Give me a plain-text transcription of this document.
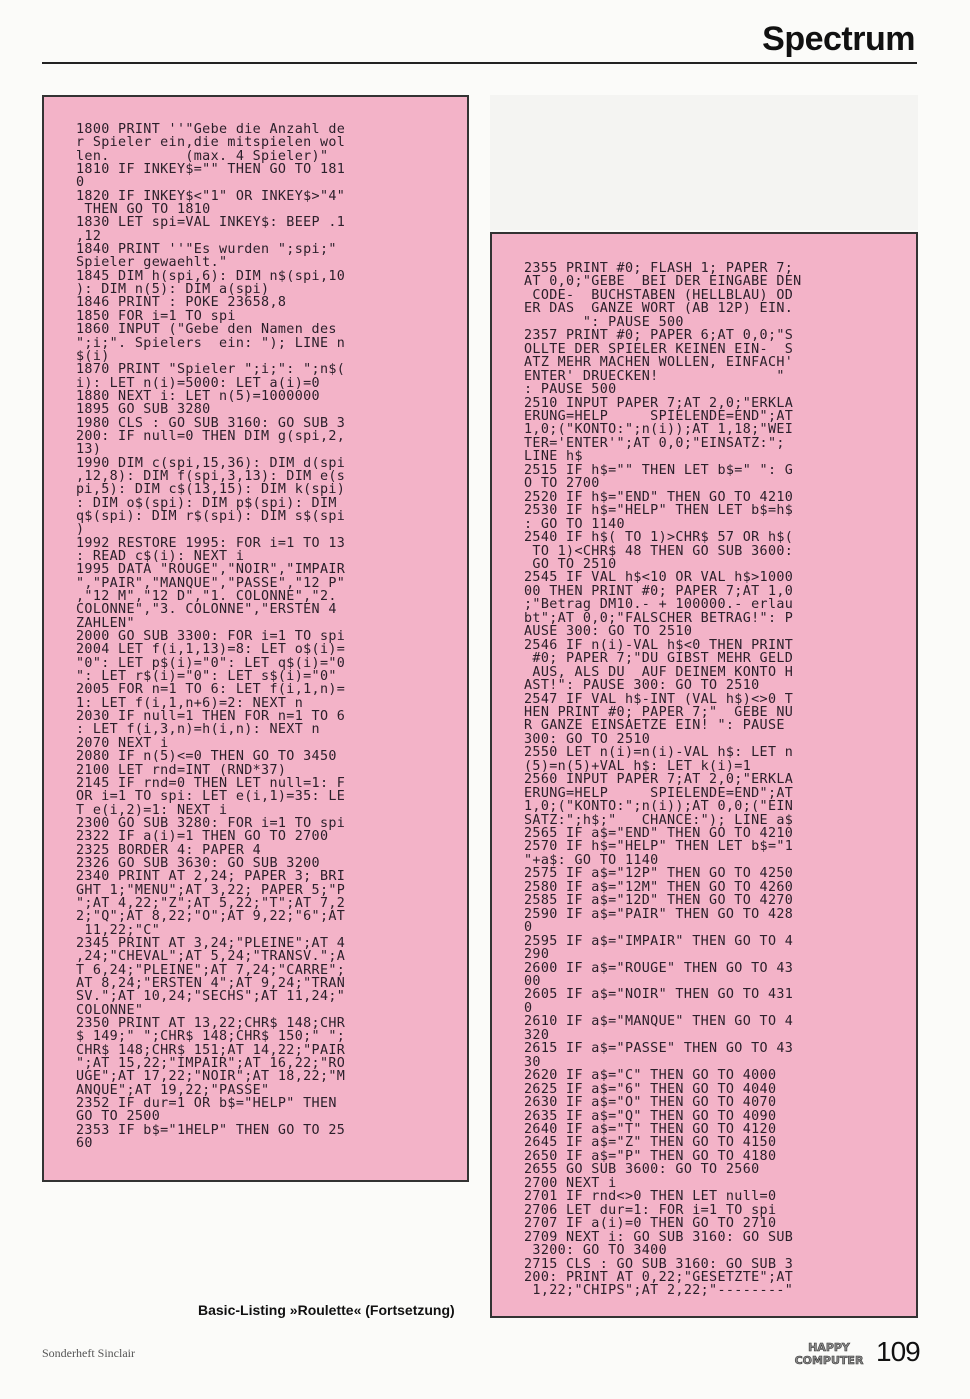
Spectrum
1800 PRINT ''"Gebe die Anzahl de
r Spieler ein,die mitspielen wol
len.         (max. 4 Spieler)"
1810 IF INKEY$="" THEN GO TO 181
0
1820 IF INKEY$<"1" OR INKEY$>"4"
THEN GO TO 1810
1830 LET spi=VAL INKEY$: BEEP .1
,12
1840 PRINT ''"Es wurden ";spi;"
Spieler gewaehlt."
1845 DIM h(spi,6): DIM n$(spi,10
): DIM n(5): DIM a(spi)
1846 PRINT : POKE 23658,8
1850 FOR i=1 TO spi
1860 INPUT ("Gebe den Namen des
";i;". Spielers  ein: "); LINE n
$(i)
1870 PRINT "Spieler ";i;": ";n$(
i): LET n(i)=5000: LET a(i)=0
1880 NEXT i: LET n(5)=1000000
1895 GO SUB 3280
1980 CLS : GO SUB 3160: GO SUB 3
200: IF null=0 THEN DIM g(spi,2,
13)
1990 DIM c(spi,15,36): DIM d(spi
,12,8): DIM f(spi,3,13): DIM e(s
pi,5): DIM c$(13,15): DIM k(spi)
: DIM o$(spi): DIM p$(spi): DIM
q$(spi): DIM r$(spi): DIM s$(spi
)
1992 RESTORE 1995: FOR i=1 TO 13
: READ c$(i): NEXT i
1995 DATA "ROUGE","NOIR","IMPAIR
","PAIR","MANQUE","PASSE","12 P"
,"12 M","12 D","1. COLONNE","2.
COLONNE","3. COLONNE","ERSTEN 4
ZAHLEN"
2000 GO SUB 3300: FOR i=1 TO spi
2004 LET f(i,1,13)=8: LET o$(i)=
"0": LET p$(i)="0": LET q$(i)="0
": LET r$(i)="0": LET s$(i)="0"
2005 FOR n=1 TO 6: LET f(i,1,n)=
1: LET f(i,1,n+6)=2: NEXT n
2030 IF null=1 THEN FOR n=1 TO 6
: LET f(i,3,n)=h(i,n): NEXT n
2070 NEXT i
2080 IF n(5)<=0 THEN GO TO 3450
2100 LET rnd=INT (RND*37)
2145 IF rnd=0 THEN LET null=1: F
OR i=1 TO spi: LET e(i,1)=35: LE
T e(i,2)=1: NEXT i
2300 GO SUB 3280: FOR i=1 TO spi
2322 IF a(i)=1 THEN GO TO 2700
2325 BORDER 4: PAPER 4
2326 GO SUB 3630: GO SUB 3200
2340 PRINT AT 2,24; PAPER 3; BRI
GHT 1;"MENU";AT 3,22; PAPER 5;"P
";AT 4,22;"Z";AT 5,22;"T";AT 7,2
2;"Q";AT 8,22;"O";AT 9,22;"6";AT
11,22;"C"
2345 PRINT AT 3,24;"PLEINE";AT 4
,24;"CHEVAL";AT 5,24;"TRANSV.";A
T 6,24;"PLEINE";AT 7,24;"CARRE";
AT 8,24;"ERSTEN 4";AT 9,24;"TRAN
SV.";AT 10,24;"SECHS";AT 11,24;"
COLONNE"
2350 PRINT AT 13,22;CHR$ 148;CHR
$ 149;" ";CHR$ 148;CHR$ 150;" ";
CHR$ 148;CHR$ 151;AT 14,22;"PAIR
";AT 15,22;"IMPAIR";AT 16,22;"RO
UGE";AT 17,22;"NOIR";AT 18,22;"M
ANQUE";AT 19,22;"PASSE"
2352 IF dur=1 OR b$="HELP" THEN
GO TO 2500
2353 IF b$="1HELP" THEN GO TO 25
60
2355 PRINT #0; FLASH 1; PAPER 7;
AT 0,0;"GEBE  BEI DER EINGABE DEN
CODE-  BUCHSTABEN (HELLBLAU) OD
ER DAS  GANZE WORT (AB 12P) EIN.
": PAUSE 500
2357 PRINT #0; PAPER 6;AT 0,0;"S
OLLTE DER SPIELER KEINEN EIN-  S
ATZ MEHR MACHEN WOLLEN, EINFACH'
ENTER' DRUECKEN!              "
: PAUSE 500
2510 INPUT PAPER 7;AT 2,0;"ERKLA
ERUNG=HELP     SPIELENDE=END";AT
1,0;("KONTO:";n(i));AT 1,18;"WEI
TER='ENTER'";AT 0,0;"EINSATZ:";
LINE h$
2515 IF h$="" THEN LET b$=" ": G
O TO 2700
2520 IF h$="END" THEN GO TO 4210
2530 IF h$="HELP" THEN LET b$=h$
: GO TO 1140
2540 IF h$( TO 1)>CHR$ 57 OR h$(
TO 1)<CHR$ 48 THEN GO SUB 3600:
GO TO 2510
2545 IF VAL h$<10 OR VAL h$>1000
00 THEN PRINT #0; PAPER 7;AT 1,0
;"Betrag DM10.- + 100000.- erlau
bt";AT 0,0;"FALSCHER BETRAG!": P
AUSE 300: GO TO 2510
2546 IF n(i)-VAL h$<0 THEN PRINT
#0; PAPER 7;"DU GIBST MEHR GELD
AUS, ALS DU  AUF DEINEM KONTO H
AST!": PAUSE 300: GO TO 2510
2547 IF VAL h$-INT (VAL h$)<>0 T
HEN PRINT #0; PAPER 7;"  GEBE NU
R GANZE EINSAETZE EIN! ": PAUSE
300: GO TO 2510
2550 LET n(i)=n(i)-VAL h$: LET n
(5)=n(5)+VAL h$: LET k(i)=1
2560 INPUT PAPER 7;AT 2,0;"ERKLA
ERUNG=HELP     SPIELENDE=END";AT
1,0;("KONTO:";n(i));AT 0,0;("EIN
SATZ:";h$;"   CHANCE:"); LINE a$
2565 IF a$="END" THEN GO TO 4210
2570 IF h$="HELP" THEN LET b$="1
"+a$: GO TO 1140
2575 IF a$="12P" THEN GO TO 4250
2580 IF a$="12M" THEN GO TO 4260
2585 IF a$="12D" THEN GO TO 4270
2590 IF a$="PAIR" THEN GO TO 428
0
2595 IF a$="IMPAIR" THEN GO TO 4
290
2600 IF a$="ROUGE" THEN GO TO 43
00
2605 IF a$="NOIR" THEN GO TO 431
0
2610 IF a$="MANQUE" THEN GO TO 4
320
2615 IF a$="PASSE" THEN GO TO 43
30
2620 IF a$="C" THEN GO TO 4000
2625 IF a$="6" THEN GO TO 4040
2630 IF a$="O" THEN GO TO 4070
2635 IF a$="Q" THEN GO TO 4090
2640 IF a$="T" THEN GO TO 4120
2645 IF a$="Z" THEN GO TO 4150
2650 IF a$="P" THEN GO TO 4180
2655 GO SUB 3600: GO TO 2560
2700 NEXT i
2701 IF rnd<>0 THEN LET null=0
2706 LET dur=1: FOR i=1 TO spi
2707 IF a(i)=0 THEN GO TO 2710
2709 NEXT i: GO SUB 3160: GO SUB
3200: GO TO 3400
2715 CLS : GO SUB 3160: GO SUB 3
200: PRINT AT 0,22;"GESETZTE";AT
1,22;"CHIPS";AT 2,22;"--------"
Basic-Listing »Roulette« (Fortsetzung)
Sonderheft Sinclair	HAPPY
COMPUTER 109
